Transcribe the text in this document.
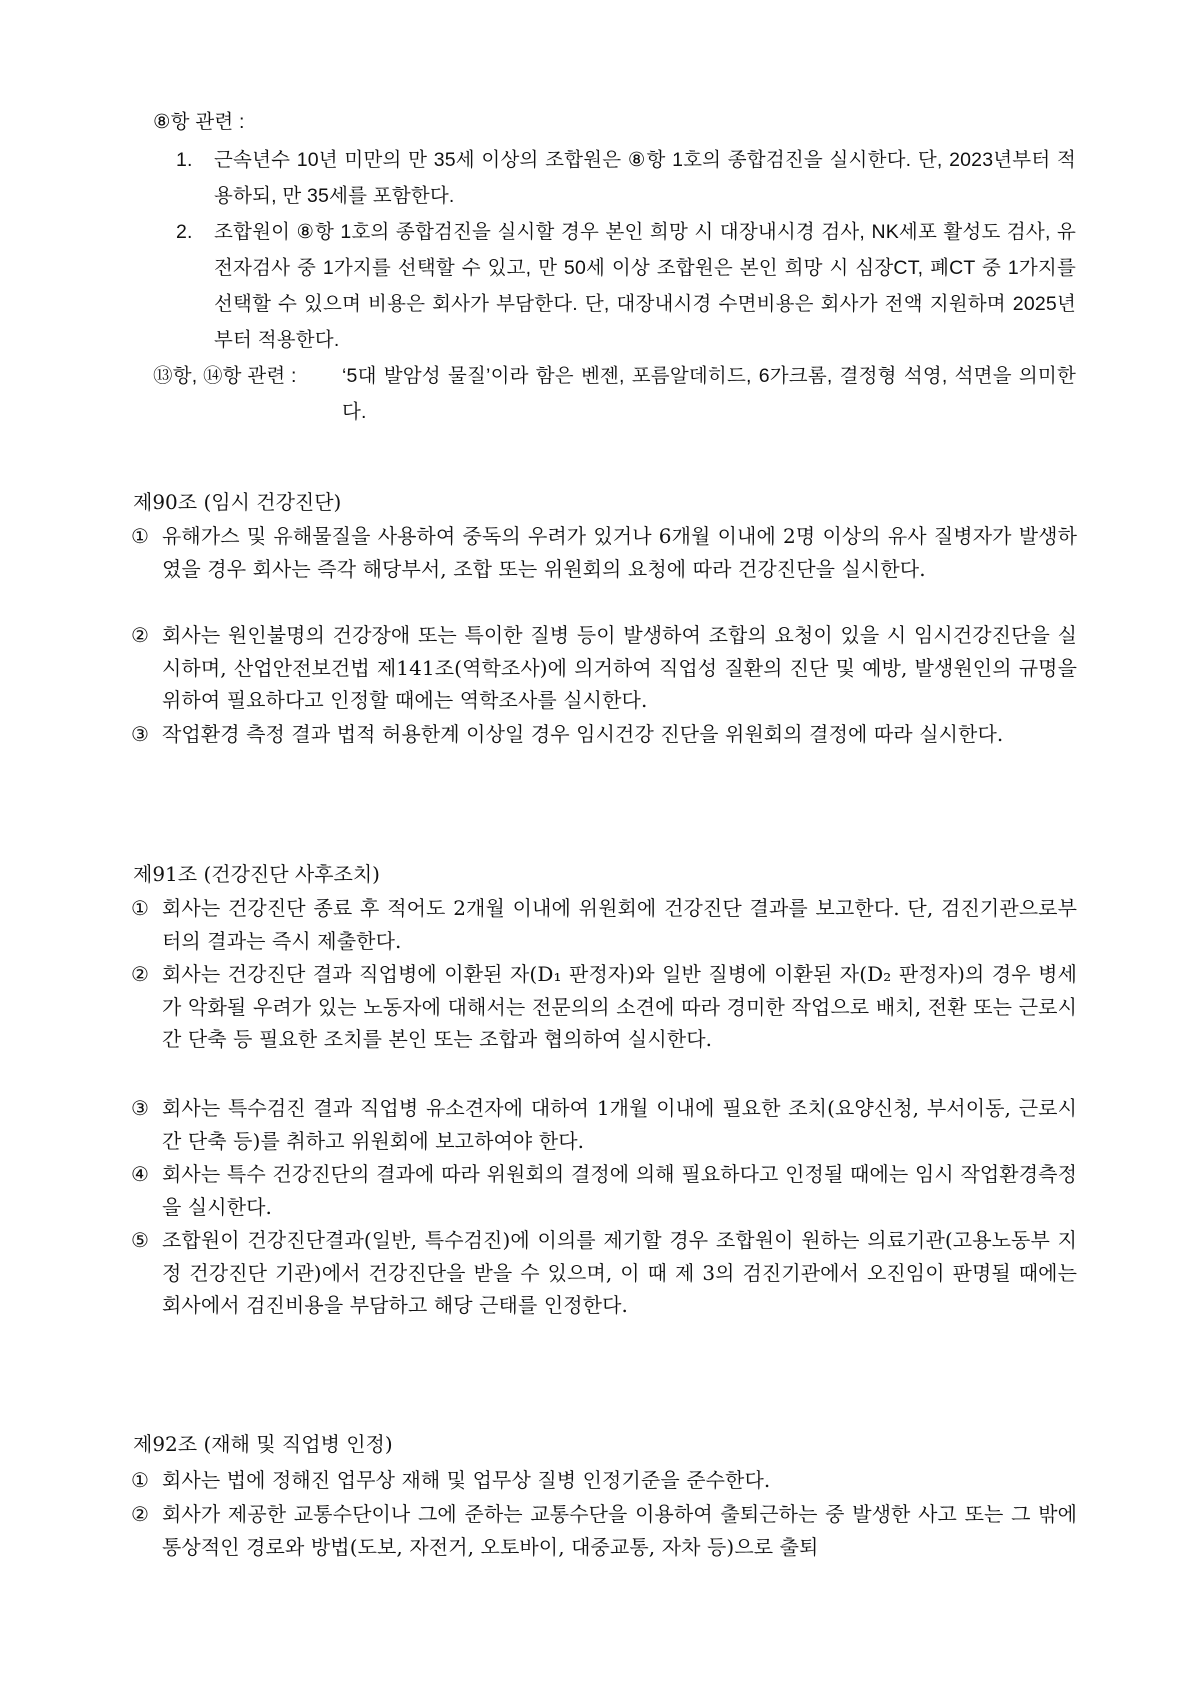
⑧항 관련 :
1.	근속년수 10년 미만의 만 35세 이상의 조합원은 ⑧항 1호의 종합검진을 실시한다. 단, 2023년부터 적용하되, 만 35세를 포함한다.
2.	조합원이 ⑧항 1호의 종합검진을 실시할 경우 본인 희망 시 대장내시경 검사, NK세포 활성도 검사, 유전자검사 중 1가지를 선택할 수 있고, 만 50세 이상 조합원은 본인 희망 시 심장CT, 폐CT 중 1가지를 선택할 수 있으며 비용은 회사가 부담한다. 단, 대장내시경 수면비용은 회사가 전액 지원하며 2025년부터 적용한다.
⑬항, ⑭항 관련 :	‘5대 발암성 물질’이라 함은 벤젠, 포름알데히드, 6가크롬, 결정형 석영, 석면을 의미한다.
제90조 (임시 건강진단)
① 유해가스 및 유해물질을 사용하여 중독의 우려가 있거나 6개월 이내에 2명 이상의 유사 질병자가 발생하였을 경우 회사는 즉각 해당부서, 조합 또는 위원회의 요청에 따라 건강진단을 실시한다.
② 회사는 원인불명의 건강장애 또는 특이한 질병 등이 발생하여 조합의 요청이 있을 시 임시건강진단을 실시하며, 산업안전보건법 제141조(역학조사)에 의거하여 직업성 질환의 진단 및 예방, 발생원인의 규명을 위하여 필요하다고 인정할 때에는 역학조사를 실시한다.
③ 작업환경 측정 결과 법적 허용한계 이상일 경우 임시건강 진단을 위원회의 결정에 따라 실시한다.
제91조 (건강진단 사후조치)
① 회사는 건강진단 종료 후 적어도 2개월 이내에 위원회에 건강진단 결과를 보고한다. 단, 검진기관으로부터의 결과는 즉시 제출한다.
② 회사는 건강진단 결과 직업병에 이환된 자(D₁ 판정자)와 일반 질병에 이환된 자(D₂ 판정자)의 경우 병세가 악화될 우려가 있는 노동자에 대해서는 전문의의 소견에 따라 경미한 작업으로 배치, 전환 또는 근로시간 단축 등 필요한 조치를 본인 또는 조합과 협의하여 실시한다.
③ 회사는 특수검진 결과 직업병 유소견자에 대하여 1개월 이내에 필요한 조치(요양신청, 부서이동, 근로시간 단축 등)를 취하고 위원회에 보고하여야 한다.
④ 회사는 특수 건강진단의 결과에 따라 위원회의 결정에 의해 필요하다고 인정될 때에는 임시 작업환경측정을 실시한다.
⑤ 조합원이 건강진단결과(일반, 특수검진)에 이의를 제기할 경우 조합원이 원하는 의료기관(고용노동부 지정 건강진단 기관)에서 건강진단을 받을 수 있으며, 이 때 제 3의 검진기관에서 오진임이 판명될 때에는 회사에서 검진비용을 부담하고 해당 근태를 인정한다.
제92조 (재해 및 직업병 인정)
① 회사는 법에 정해진 업무상 재해 및 업무상 질병 인정기준을 준수한다.
② 회사가 제공한 교통수단이나 그에 준하는 교통수단을 이용하여 출퇴근하는 중 발생한 사고 또는 그 밖에 통상적인 경로와 방법(도보, 자전거, 오토바이, 대중교통, 자차 등)으로 출퇴
